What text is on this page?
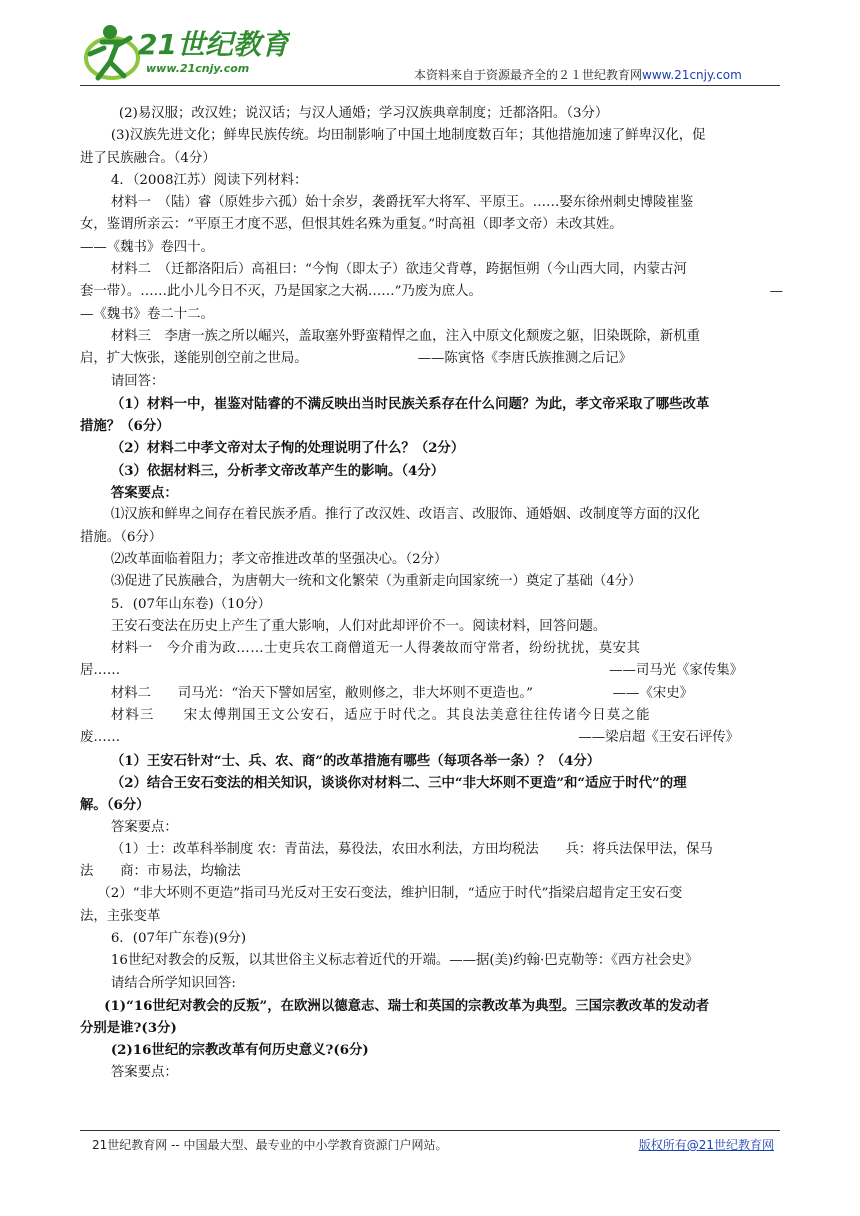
21世纪教育
www.21cnjy.com	本资料来自于资源最齐全的２１世纪教育网www.21cnjy.com

(2)易汉服；改汉姓；说汉话；与汉人通婚；学习汉族典章制度；迁都洛阳。（3分）

(3)汉族先进文化；鲜卑民族传统。均田制影响了中国土地制度数百年；其他措施加速了鲜卑汉化，促

进了民族融合。（4分）

4．（2008江苏）阅读下列材料：

材料一　（陆）睿（原姓步六孤）始十余岁，袭爵抚军大将军、平原王。……娶东徐州刺史博陵崔鉴

女，鉴谓所亲云：“平原王才度不恶，但恨其姓名殊为重复。”时高祖（即孝文帝）未改其姓。

——《魏书》卷四十。

材料二　（迁都洛阳后）高祖曰：“今恂（即太子）欲违父背尊，跨据恒朔（今山西大同，内蒙古河

套一带）。……此小儿今日不灭，乃是国家之大祸……”乃废为庶人。	—

—《魏书》卷二十二。

材料三　李唐一族之所以崛兴，盖取塞外野蛮精悍之血，注入中原文化颓废之躯，旧染既除，新机重

启，扩大恢张，遂能别创空前之世局。	——陈寅恪《李唐氏族推测之后记》

请回答：

（1）材料一中，崔鉴对陆睿的不满反映出当时民族关系存在什么问题？为此，孝文帝采取了哪些改革

措施？（6分）

（2）材料二中孝文帝对太子恂的处理说明了什么？（2分）

（3）依据材料三，分析孝文帝改革产生的影响。（4分）

答案要点：

⑴汉族和鲜卑之间存在着民族矛盾。推行了改汉姓、改语言、改服饰、通婚姻、改制度等方面的汉化

措施。（6分）

⑵改革面临着阻力；孝文帝推进改革的坚强决心。（2分）

⑶促进了民族融合，为唐朝大一统和文化繁荣（为重新走向国家统一）奠定了基础（4分）

5．(07年山东卷)（10分）

王安石变法在历史上产生了重大影响，人们对此却评价不一。阅读材料，回答问题。

材料一　今介甫为政……士吏兵农工商僧道无一人得袭故而守常者，纷纷扰扰，莫安其

居……	——司马光《家传集》
材料二　　司马光：“治天下譬如居室，敝则修之，非大坏则不更造也。”	——《宋史》

材料三　　宋太傅荆国王文公安石，适应于时代之。其良法美意往往传诸今日莫之能

废……	——梁启超《王安石评传》

（1）王安石针对“士、兵、农、商”的改革措施有哪些（每项各举一条）？（4分）

（2）结合王安石变法的相关知识，谈谈你对材料二、三中“非大坏则不更造”和“适应于时代”的理

解。（6分）

答案要点：

（1）士：改革科举制度 农：青苗法，募役法，农田水利法，方田均税法　　兵：将兵法保甲法，保马

法　　商：市易法，均输法

（2）“非大坏则不更造”指司马光反对王安石变法，维护旧制，“适应于时代”指梁启超肯定王安石变

法，主张变革

6．(07年广东卷)(9分)

16世纪对教会的反叛，以其世俗主义标志着近代的开端。——据(美)约翰·巴克勒等：《西方社会史》

请结合所学知识回答:

(1)“16世纪对教会的反叛”，在欧洲以德意志、瑞士和英国的宗教改革为典型。三国宗教改革的发动者

分别是谁?(3分)

(2)16世纪的宗教改革有何历史意义?(6分)

答案要点：

21世纪教育网 -- 中国最大型、最专业的中小学教育资源门户网站。	版权所有@21世纪教育网
